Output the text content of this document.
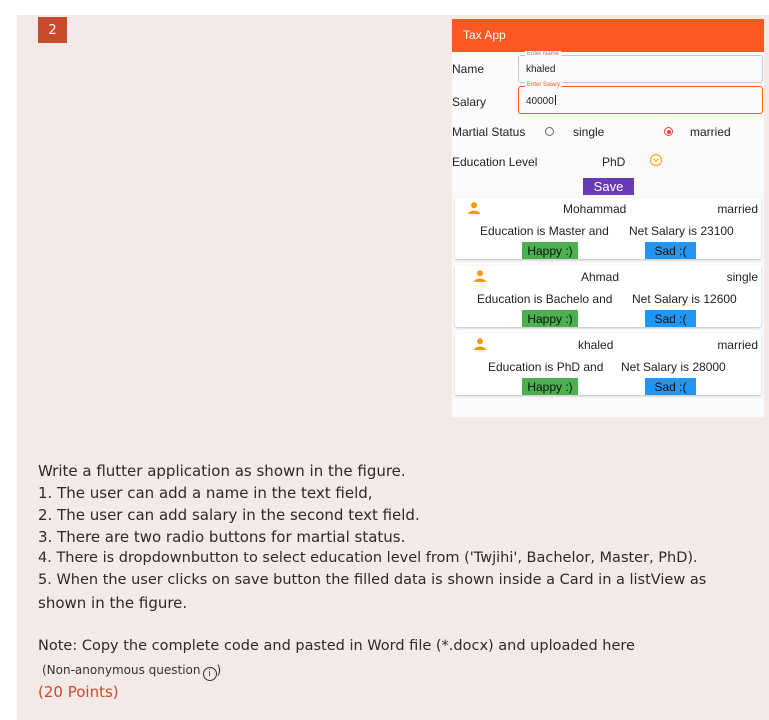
2	Tax App
Name
Enter Name
khaled
Salary
Enter Salary
40000
Martial Status	single	married
Education Level	PhD
Save
Mohammad	married
Education is Master and Net Salary is 23100
Happy :)	Sad :(
Ahmad	single
Education is Bachelo and Net Salary is 12600
Happy :)	Sad :(
khaled	married
Education is PhD and Net Salary is 28000
Happy :)	Sad :(
Write a flutter application as shown in the figure.
1. The user can add a name in the text field,
2. The user can add salary in the second text field.
3. There are two radio buttons for martial status.
4. There is dropdownbutton to select education level from ('Twjihi', Bachelor, Master, PhD).
5. When the user clicks on save button the filled data is shown inside a Card in a listView as
shown in the figure.
Note: Copy the complete code and pasted in Word file (*.docx) and uploaded here
(Non-anonymous question i )
(20 Points)
